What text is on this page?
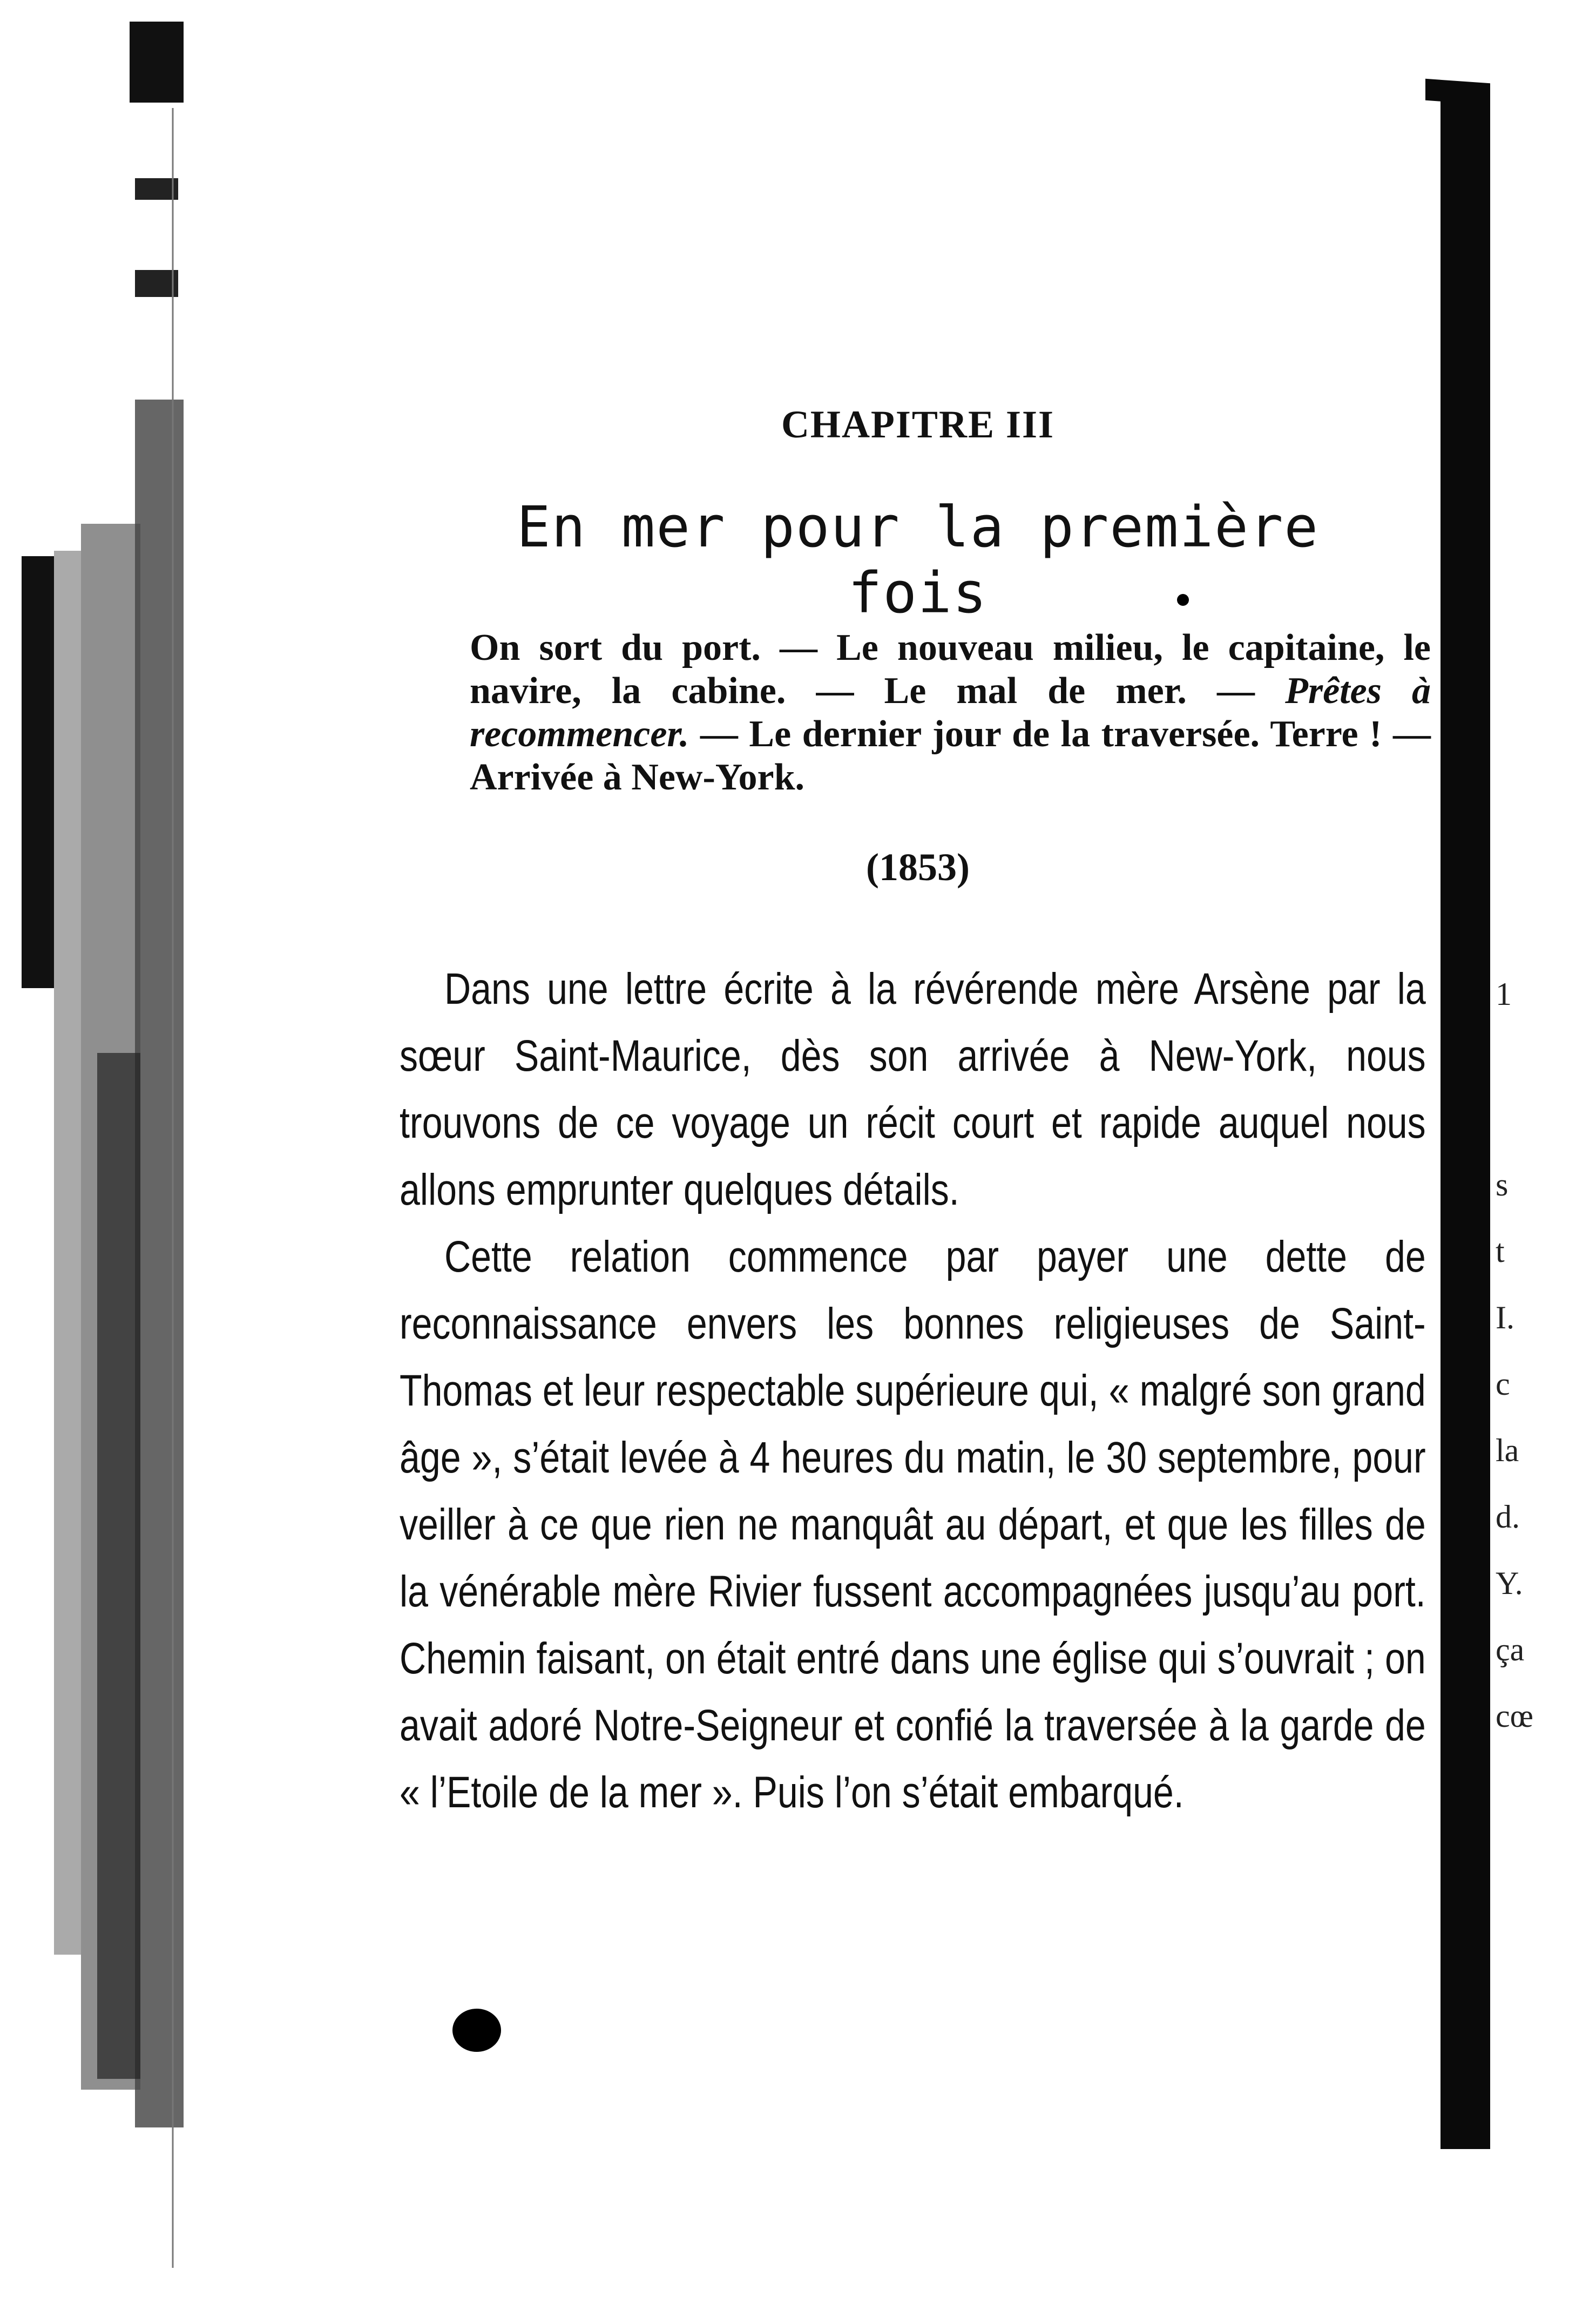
CHAPITRE III
En mer pour la première fois
On sort du port. — Le nouveau milieu, le capitaine, le navire, la cabine. — Le mal de mer. — Prêtes à recommencer. — Le dernier jour de la traversée. Terre ! — Arrivée à New-York.
(1853)

Dans une lettre écrite à la révérende mère Arsène par la sœur Saint-Maurice, dès son arrivée à New-York, nous trouvons de ce voyage un récit court et rapide auquel nous allons emprunter quelques détails.

Cette relation commence par payer une dette de reconnaissance envers les bonnes religieuses de Saint-Thomas et leur respectable supérieure qui, « malgré son grand âge », s’était levée à 4 heures du matin, le 30 septembre, pour veiller à ce que rien ne manquât au départ, et que les filles de la vénérable mère Rivier fussent accompagnées jusqu’au port. Chemin faisant, on était entré dans une église qui s’ouvrait ; on avait adoré Notre-Seigneur et confié la traversée à la garde de « l’Etoile de la mer ». Puis l’on s’était embarqué.

1
s
t
I.
c
la
d.
Y.
ça
cœ
